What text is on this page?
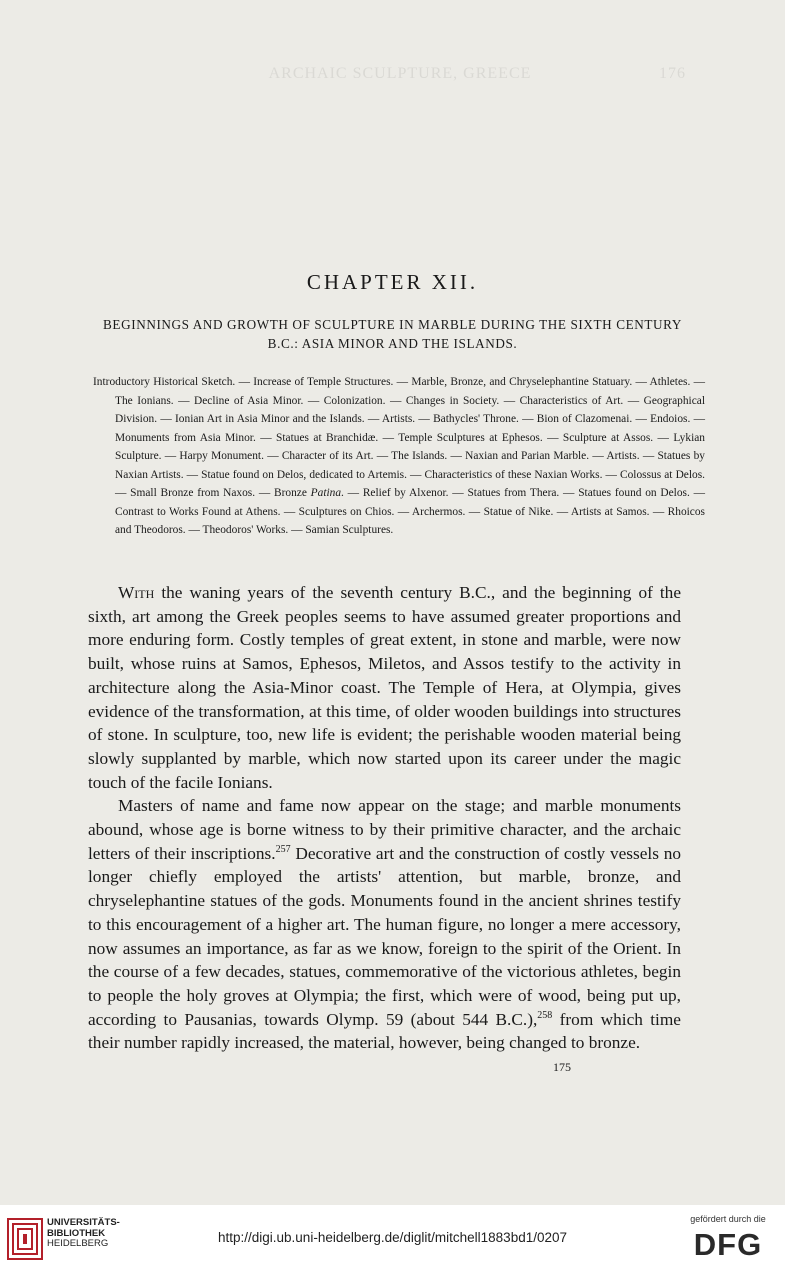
ARCHAIC SCULPTURE, GREECE	176
CHAPTER XII.

BEGINNINGS AND GROWTH OF SCULPTURE IN MARBLE DURING THE SIXTH CENTURY B.C.: ASIA MINOR AND THE ISLANDS.

Introductory Historical Sketch. — Increase of Temple Structures. — Marble, Bronze, and Chryselephantine Statuary. — Athletes. — The Ionians. — Decline of Asia Minor. — Colonization. — Changes in Society. — Characteristics of Art. — Geographical Division. — Ionian Art in Asia Minor and the Islands. — Artists. — Bathycles' Throne. — Bion of Clazomenai. — Endoios. — Monuments from Asia Minor. — Statues at Branchidæ. — Temple Sculptures at Ephesos. — Sculpture at Assos. — Lykian Sculpture. — Harpy Monument. — Character of its Art. — The Islands. — Naxian and Parian Marble. — Artists. — Statues by Naxian Artists. — Statue found on Delos, dedicated to Artemis. — Characteristics of these Naxian Works. — Colossus at Delos. — Small Bronze from Naxos. — Bronze Patina. — Relief by Alxenor. — Statues from Thera. — Statues found on Delos. — Contrast to Works Found at Athens. — Sculptures on Chios. — Archermos. — Statue of Nike. — Artists at Samos. — Rhoicos and Theodoros. — Theodoros' Works. — Samian Sculptures.

With the waning years of the seventh century B.C., and the beginning of the sixth, art among the Greek peoples seems to have assumed greater proportions and more enduring form. Costly temples of great extent, in stone and marble, were now built, whose ruins at Samos, Ephesos, Miletos, and Assos testify to the activity in architecture along the Asia-Minor coast. The Temple of Hera, at Olympia, gives evidence of the transformation, at this time, of older wooden buildings into structures of stone. In sculpture, too, new life is evident; the perishable wooden material being slowly supplanted by marble, which now started upon its career under the magic touch of the facile Ionians.

Masters of name and fame now appear on the stage; and marble monuments abound, whose age is borne witness to by their primitive character, and the archaic letters of their inscriptions.$^{257}$ Decorative art and the construction of costly vessels no longer chiefly employed the artists' attention, but marble, bronze, and chryselephantine statues of the gods. Monuments found in the ancient shrines testify to this encouragement of a higher art. The human figure, no longer a mere accessory, now assumes an importance, as far as we know, foreign to the spirit of the Orient. In the course of a few decades, statues, commemorative of the victorious athletes, begin to people the holy groves at Olympia; the first, which were of wood, being put up, according to Pausanias, towards Olymp. 59 (about 544 B.C.),$^{258}$ from which time their number rapidly increased, the material, however, being changed to bronze.

175
UNIVERSITÄTS-
BIBLIOTHEK
HEIDELBERG	http://digi.ub.uni-heidelberg.de/diglit/mitchell1883bd1/0207
gefördert durch die
DFG
